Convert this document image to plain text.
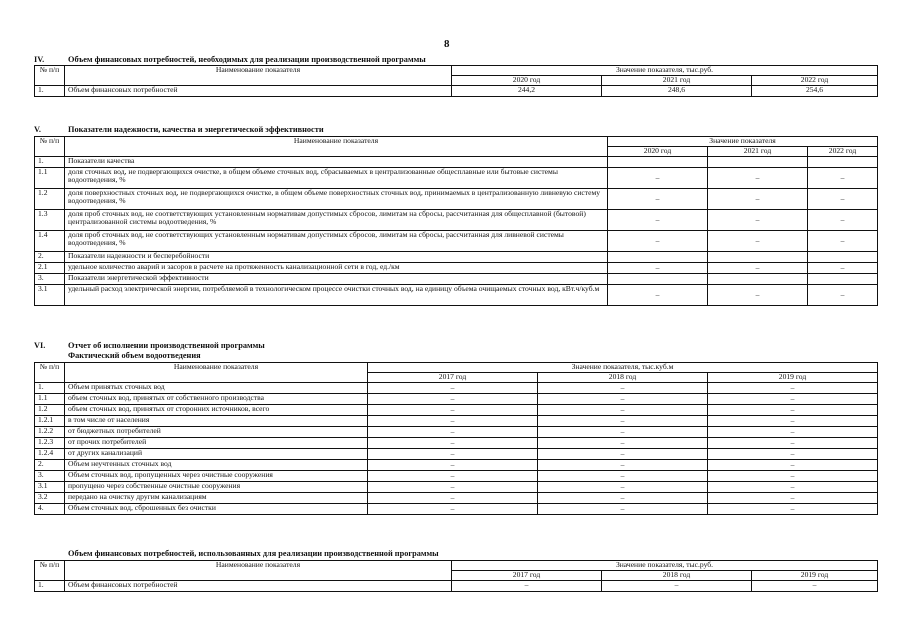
8
IV.	Объем финансовых потребностей, необходимых для реализации производственной программы
№ п/п	Наименование показателя	Значение показателя, тыс.руб.		
		2020 год	2021 год	2022 год
1.	Объем финансовых потребностей	244,2	248,6	254,6
V.	Показатели надежности, качества и энергетической эффективности
№ п/п	Наименование показателя	Значение показателя		
		2020 год	2021 год	2022 год
1.	Показатели качества			
1.1	доля сточных вод, не подвергающихся очистке, в общем объеме сточных вод, сбрасываемых в централизованные общесплавные или бытовые системы водоотведения, %	–	–	–
1.2	доля поверхностных сточных вод, не подвергающихся очистке, в общем объеме поверхностных сточных вод, принимаемых в централизованную ливневую систему водоотведения, %	–	–	–
1.3	доля проб сточных вод, не соответствующих установленным нормативам допустимых сбросов, лимитам на сбросы, рассчитанная для общесплавной (бытовой) централизованной системы водоотведения, %	–	–	–
1.4	доля проб сточных вод, не соответствующих установленным нормативам допустимых сбросов, лимитам на сбросы, рассчитанная для ливневой системы водоотведения, %	–	–	–
2.	Показатели надежности и бесперебойности			
2.1	удельное количество аварий и засоров в расчете на протяженность канализационной сети в год, ед./км	–	–	–
3.	Показатели энергетической эффективности			
3.1	удельный расход электрической энергии, потребляемой в технологическом процессе очистки сточных вод, на единицу объема очищаемых сточных вод, кВт.ч/куб.м	–	–	–
VI.	Отчет об исполнении производственной программы
Фактический объем водоотведения
№ п/п	Наименование показателя	Значение показателя, тыс.куб.м		
		2017 год	2018 год	2019 год
1.	Объем принятых сточных вод	–	–	–
1.1	объем сточных вод, принятых от собственного производства	–	–	–
1.2	объем сточных вод, принятых от сторонних источников, всего	–	–	–
1.2.1	в том числе от населения	–	–	–
1.2.2	от бюджетных потребителей	–	–	–
1.2.3	от прочих потребителей	–	–	–
1.2.4	от других канализаций	–	–	–
2.	Объем неучтенных сточных вод	–	–	–
3.	Объем сточных вод, пропущенных через очистные сооружения	–	–	–
3.1	пропущено через собственные очистные сооружения	–	–	–
3.2	передано на очистку другим канализациям	–	–	–
4.	Объем сточных вод, сброшенных без очистки	–	–	–
Объем финансовых потребностей, использованных для реализации производственной программы
№ п/п	Наименование показателя	Значение показателя, тыс.руб.		
		2017 год	2018 год	2019 год
1.	Объем финансовых потребностей	–	–	–
